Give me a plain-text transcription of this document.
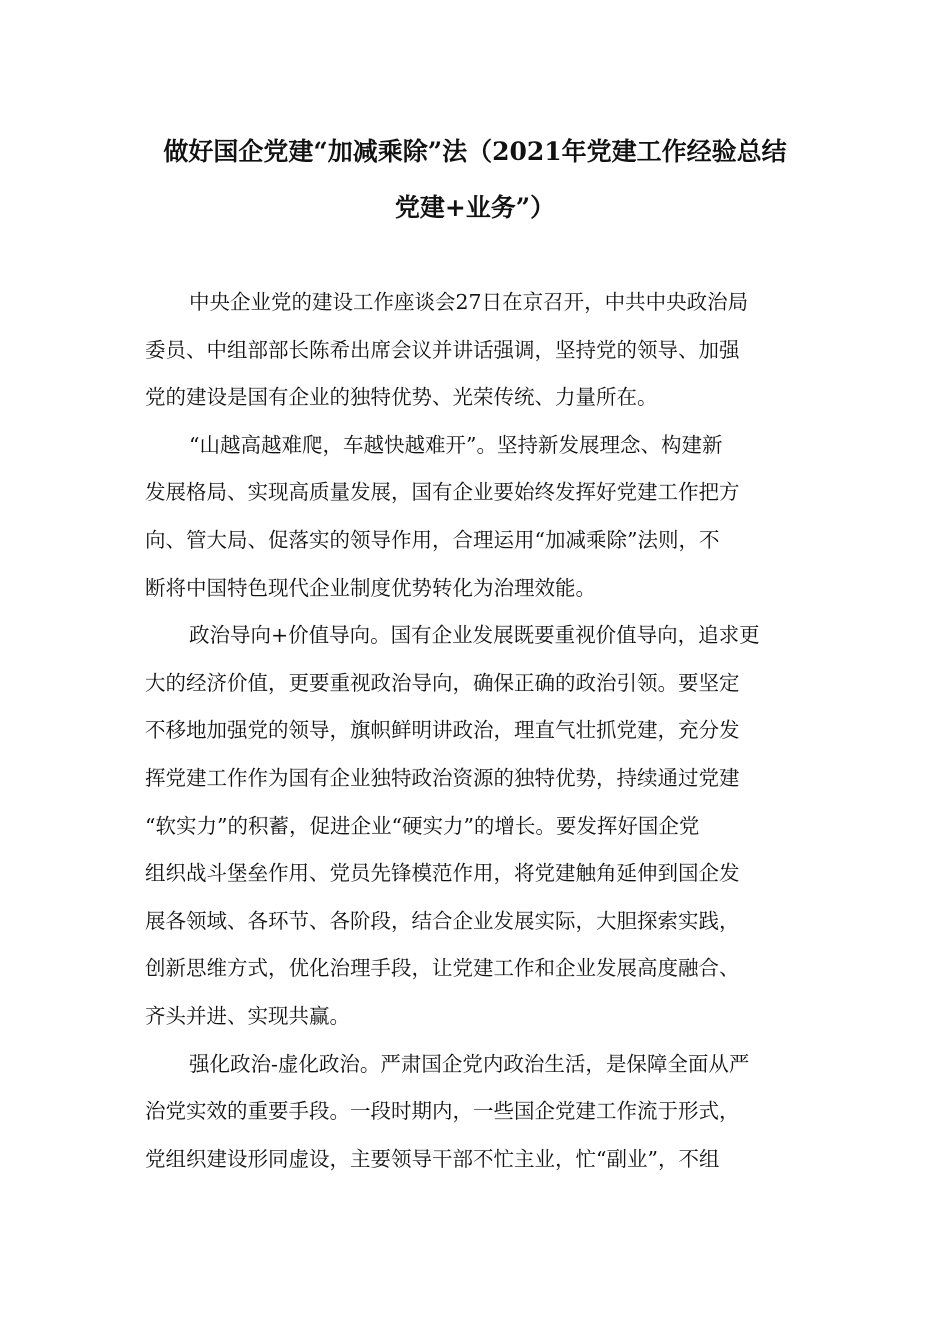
做好国企党建“加减乘除”法（2021年党建工作经验总结
党建+业务”）
中央企业党的建设工作座谈会27日在京召开，中共中央政治局
委员、中组部部长陈希出席会议并讲话强调，坚持党的领导、加强
党的建设是国有企业的独特优势、光荣传统、力量所在。
“山越高越难爬，车越快越难开”。坚持新发展理念、构建新
发展格局、实现高质量发展，国有企业要始终发挥好党建工作把方
向、管大局、促落实的领导作用，合理运用“加减乘除”法则，不
断将中国特色现代企业制度优势转化为治理效能。
政治导向+价值导向。国有企业发展既要重视价值导向，追求更
大的经济价值，更要重视政治导向，确保正确的政治引领。要坚定
不移地加强党的领导，旗帜鲜明讲政治，理直气壮抓党建，充分发
挥党建工作作为国有企业独特政治资源的独特优势，持续通过党建
“软实力”的积蓄，促进企业“硬实力”的增长。要发挥好国企党
组织战斗堡垒作用、党员先锋模范作用，将党建触角延伸到国企发
展各领域、各环节、各阶段，结合企业发展实际，大胆探索实践，
创新思维方式，优化治理手段，让党建工作和企业发展高度融合、
齐头并进、实现共赢。
强化政治-虚化政治。严肃国企党内政治生活，是保障全面从严
治党实效的重要手段。一段时期内，一些国企党建工作流于形式，
党组织建设形同虚设，主要领导干部不忙主业，忙“副业”，不组
